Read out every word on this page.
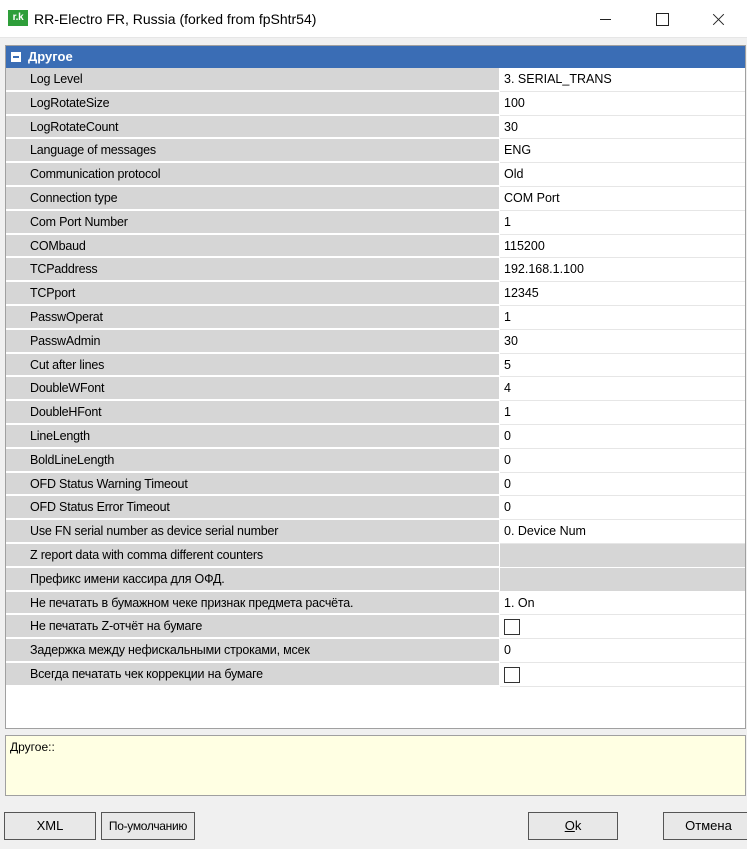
r.k RR-Electro FR, Russia (forked from fpShtr54)
Другое
Log Level	3. SERIAL_TRANS
LogRotateSize	100
LogRotateCount	30
Language of messages	ENG
Communication protocol	Old
Connection type	COM Port
Com Port Number	1
COMbaud	115200
TCPaddress	192.168.1.100
TCPport	12345
PasswOperat	1
PasswAdmin	30
Cut after lines	5
DoubleWFont	4
DoubleHFont	1
LineLength	0
BoldLineLength	0
OFD Status Warning Timeout	0
OFD Status Error Timeout	0
Use FN serial number as device serial number	0. Device Num
Z report data with comma different counters
Префикс имени кассира для ОФД.
Не печатать в бумажном чеке признак предмета расчёта.	1. On
Не печатать Z-отчёт на бумаге
Задержка между нефискальными строками, мсек	0
Всегда печатать чек коррекции на бумаге
Другое::
XML	По-умолчанию	Ok	Отмена
